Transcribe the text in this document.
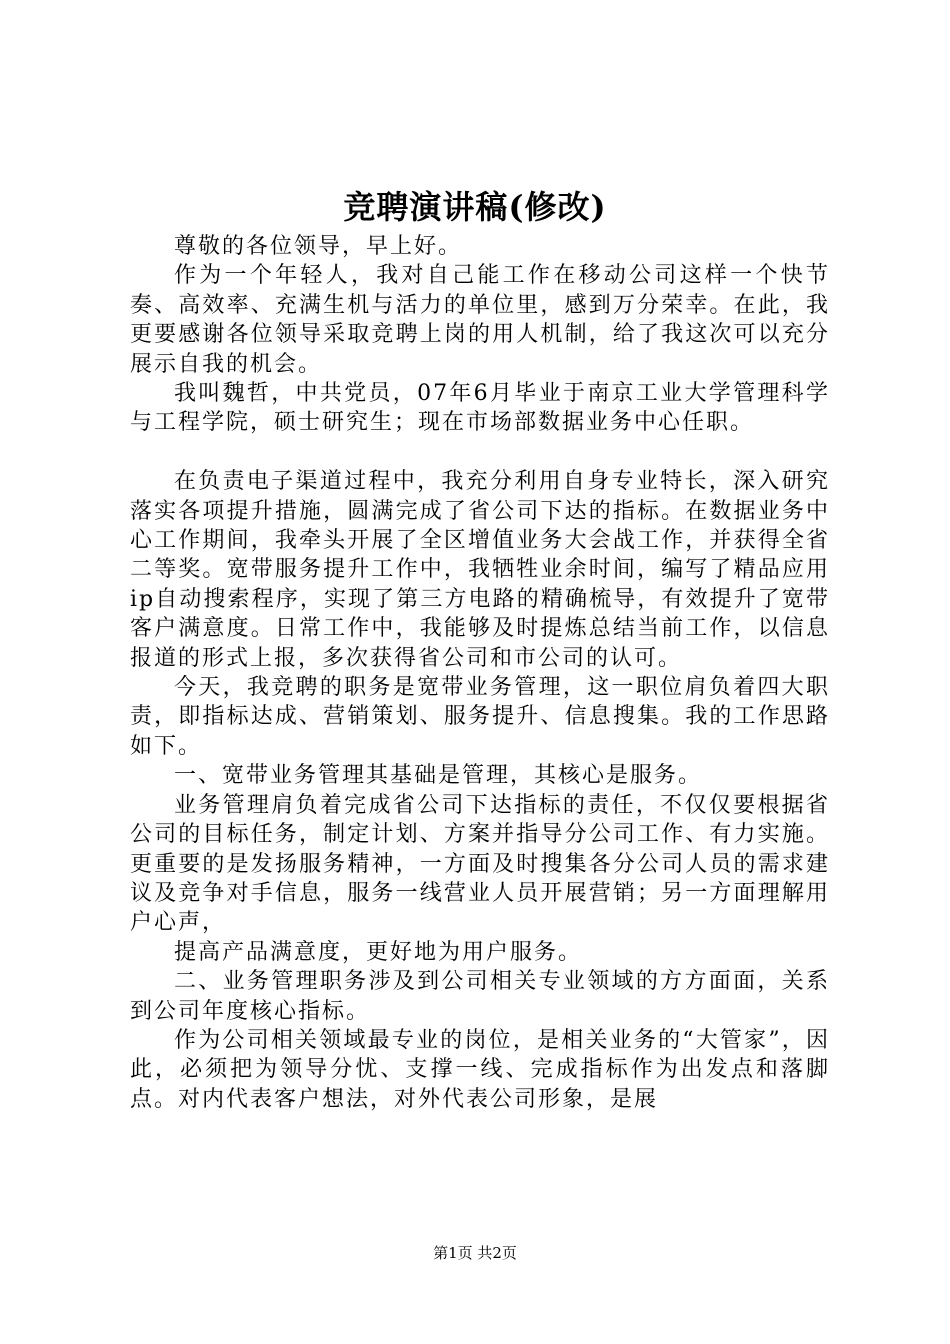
竞聘演讲稿(修改)

尊敬的各位领导，早上好。

作为一个年轻人，我对自己能工作在移动公司这样一个快节奏、高效率、充满生机与活力的单位里，感到万分荣幸。在此，我更要感谢各位领导采取竞聘上岗的用人机制，给了我这次可以充分展示自我的机会。

我叫魏哲，中共党员，07年6月毕业于南京工业大学管理科学与工程学院，硕士研究生；现在市场部数据业务中心任职。

在负责电子渠道过程中，我充分利用自身专业特长，深入研究落实各项提升措施，圆满完成了省公司下达的指标。在数据业务中心工作期间，我牵头开展了全区增值业务大会战工作，并获得全省二等奖。宽带服务提升工作中，我牺牲业余时间，编写了精品应用ip自动搜索程序，实现了第三方电路的精确梳导，有效提升了宽带客户满意度。日常工作中，我能够及时提炼总结当前工作，以信息报道的形式上报，多次获得省公司和市公司的认可。

今天，我竞聘的职务是宽带业务管理，这一职位肩负着四大职责，即指标达成、营销策划、服务提升、信息搜集。我的工作思路如下。

一、宽带业务管理其基础是管理，其核心是服务。

业务管理肩负着完成省公司下达指标的责任，不仅仅要根据省公司的目标任务，制定计划、方案并指导分公司工作、有力实施。更重要的是发扬服务精神，一方面及时搜集各分公司人员的需求建议及竞争对手信息，服务一线营业人员开展营销；另一方面理解用户心声，

提高产品满意度，更好地为用户服务。

二、业务管理职务涉及到公司相关专业领域的方方面面，关系到公司年度核心指标。

作为公司相关领域最专业的岗位，是相关业务的“大管家”，因此，必须把为领导分忧、支撑一线、完成指标作为出发点和落脚点。对内代表客户想法，对外代表公司形象，是展

第1页 共2页
